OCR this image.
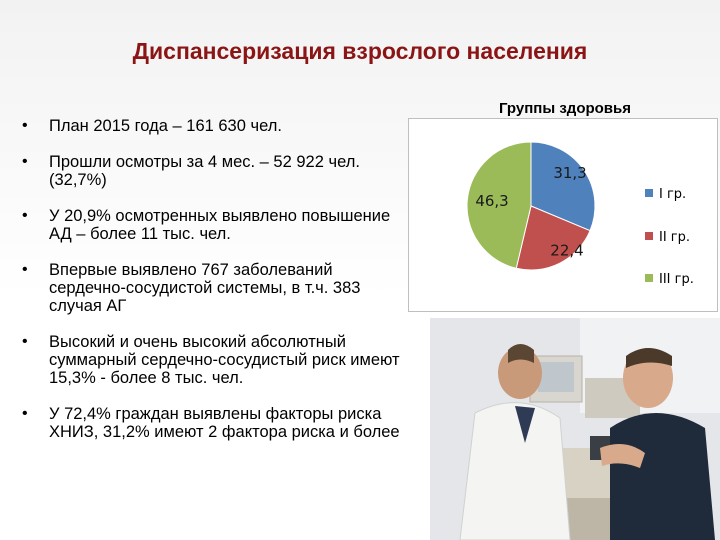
Диспансеризация взрослого населения
• План 2015 года – 161 630 чел.
• Прошли осмотры за 4 мес. – 52 922 чел. (32,7%)
• У 20,9% осмотренных выявлено повышение АД – более 11 тыс. чел.
• Впервые выявлено 767 заболеваний сердечно-сосудистой системы, в т.ч. 383 случая АГ
• Высокий и очень высокий абсолютный суммарный сердечно-сосудистый риск имеют 15,3% - более 8 тыс. чел.
• У 72,4% граждан выявлены факторы риска ХНИЗ, 31,2% имеют 2 фактора риска и более
Группы здоровья
31,3
22,4
46,3	I гр.
II гр.
III гр.
